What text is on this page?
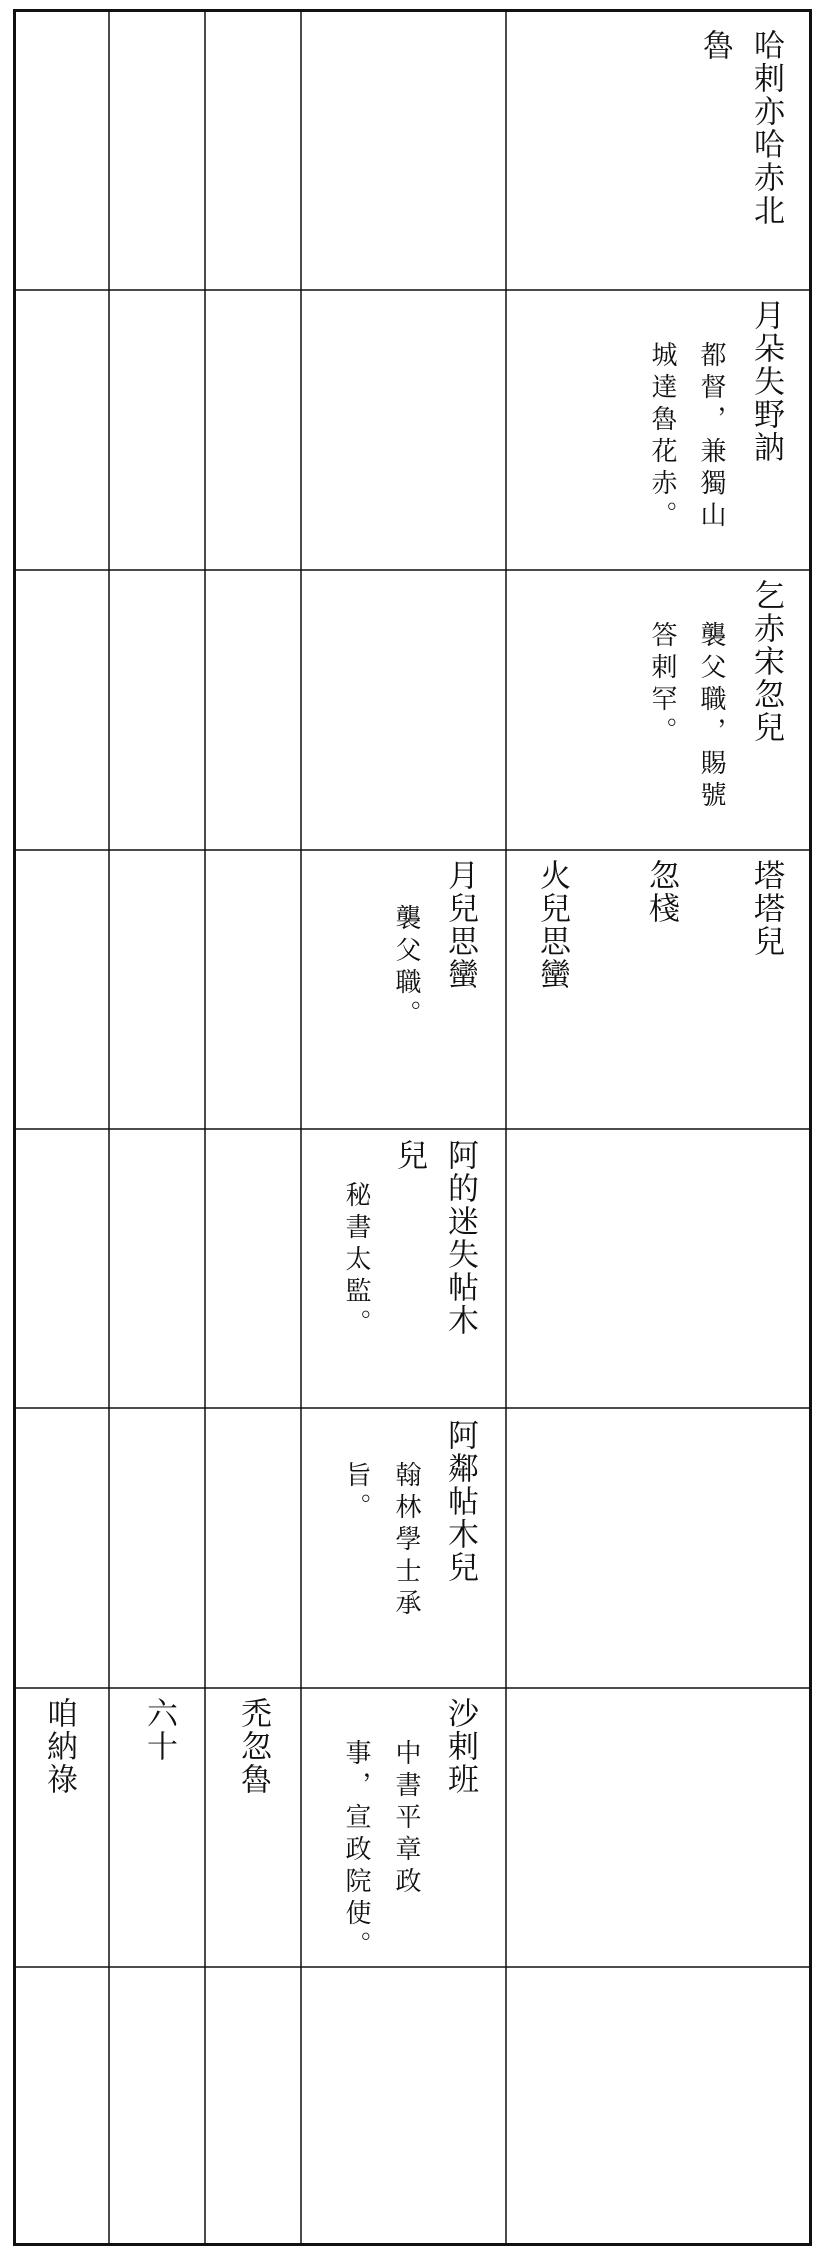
哈剌亦哈赤北
魯
月朵失野訥
都督，兼獨山
城達魯花赤。
乞赤宋忽兒
襲父職，賜號
答剌罕。
塔塔兒
忽棧
火兒思蠻
月兒思蠻
襲父職。
阿的迷失帖木
兒
秘書太監。
阿鄰帖木兒
翰林學士承
旨。
沙剌班
中書平章政
事，宣政院使。
禿忽魯
六十
咱納祿
